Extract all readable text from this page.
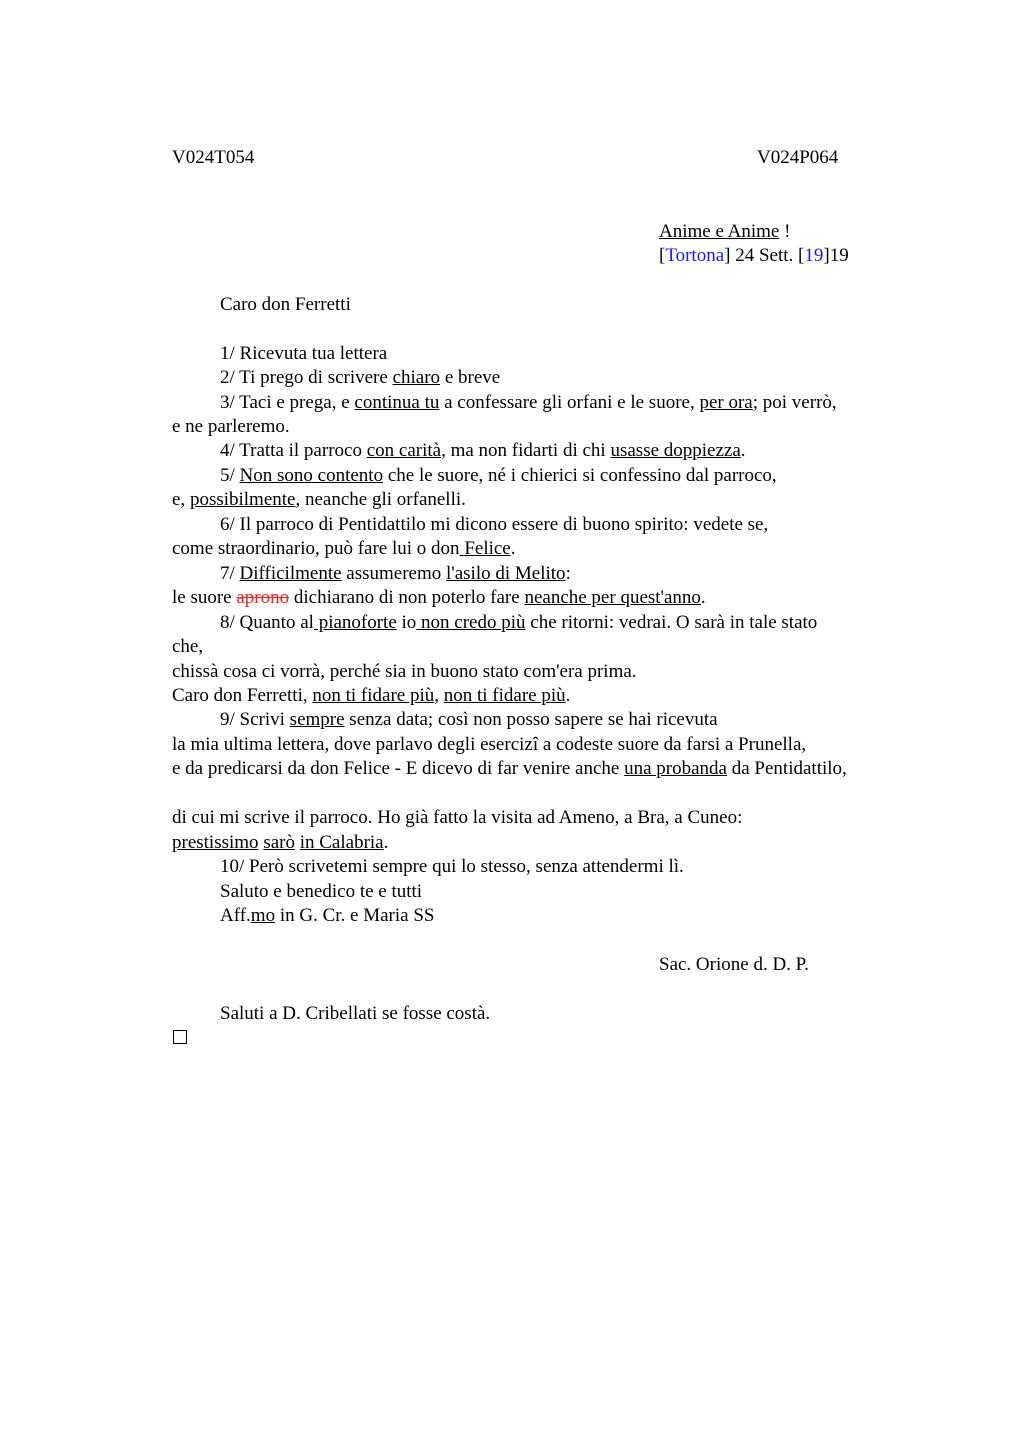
V024T054	V024P064
Anime e Anime !
[Tortona] 24 Sett. [19]19
Caro don Ferretti
1/ Ricevuta tua lettera
2/ Ti prego di scrivere chiaro e breve
3/ Taci e prega, e continua tu a confessare gli orfani e le suore, per ora; poi verrò,
e ne parleremo.
4/ Tratta il parroco con carità, ma non fidarti di chi usasse doppiezza.
5/ Non sono contento che le suore, né i chierici si confessino dal parroco,
e, possibilmente, neanche gli orfanelli.
6/ Il parroco di Pentidattilo mi dicono essere di buono spirito: vedete se,
come straordinario, può fare lui o don Felice.
7/ Difficilmente assumeremo l'asilo di Melito:
le suore aprono dichiarano di non poterlo fare neanche per quest'anno.
8/ Quanto al pianoforte io non credo più che ritorni: vedrai. O sarà in tale stato
che,
chissà cosa ci vorrà, perché sia in buono stato com'era prima.
Caro don Ferretti, non ti fidare più, non ti fidare più.
9/ Scrivi sempre senza data; così non posso sapere se hai ricevuta
la mia ultima lettera, dove parlavo degli esercizi a codeste suore da farsi a Prunella,
e da predicarsi da don Felice - E dicevo di far venire anche una probanda da Pentidattilo,
di cui mi scrive il parroco. Ho già fatto la visita ad Ameno, a Bra, a Cuneo:
prestissimo sarò in Calabria.
10/ Però scrivetemi sempre qui lo stesso, senza attendermi lì.
Saluto e benedico te e tutti
Aff.mo in G. Cr. e Maria SS
Sac. Orione d. D. P.
Saluti a D. Cribellati se fosse costà.
